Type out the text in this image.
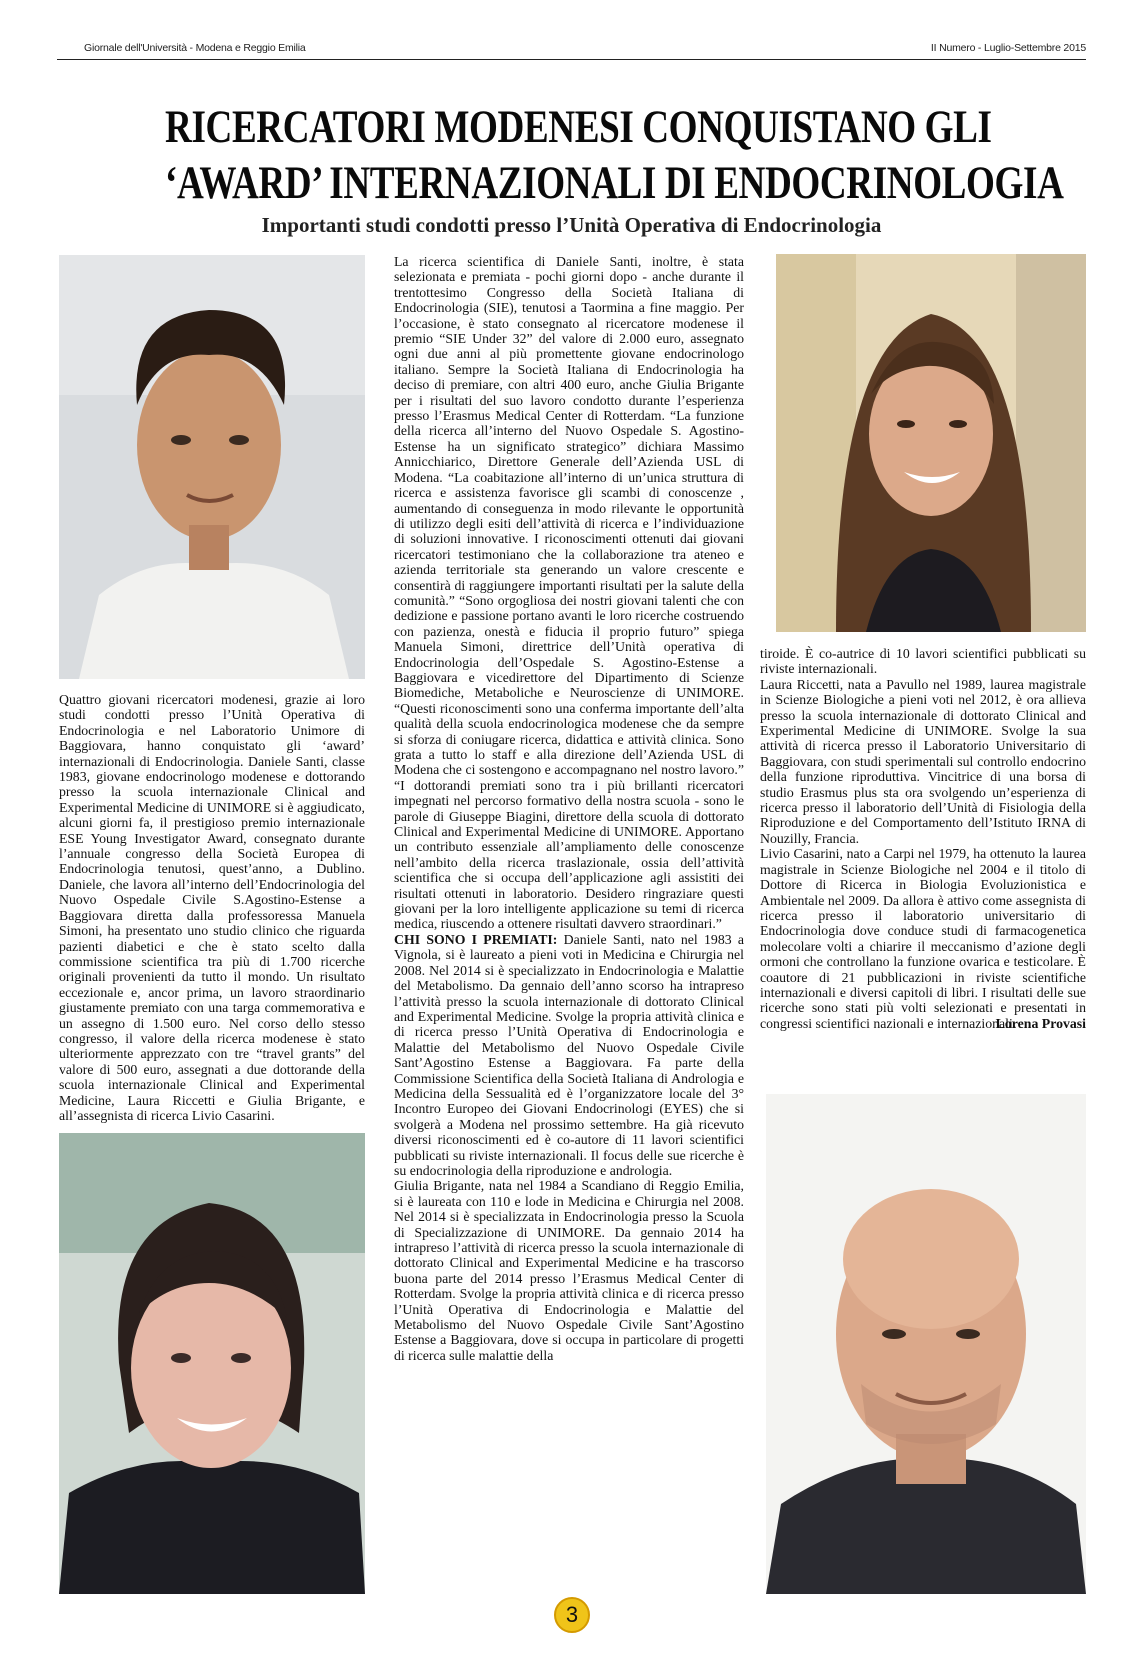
Giornale dell'Università - Modena e Reggio Emilia	II Numero - Luglio-Settembre 2015
RICERCATORI MODENESI CONQUISTANO GLI
‘AWARD’ INTERNAZIONALI DI ENDOCRINOLOGIA
Importanti studi condotti presso l’Unità Operativa di Endocrinologia

Quattro giovani ricercatori modenesi, grazie ai loro studi condotti presso l’Unità Operativa di Endocrinologia e nel Laboratorio Unimore di Baggiovara, hanno conquistato gli ‘award’ internazionali di Endocrinologia. Daniele Santi, classe 1983, giovane endocrinologo modenese e dottorando presso la scuola internazionale Clinical and Experimental Medicine di UNIMORE si è aggiudicato, alcuni giorni fa, il prestigioso premio internazionale ESE Young Investigator Award, consegnato durante l’annuale congresso della Società Europea di Endocrinologia tenutosi, quest’anno, a Dublino. Daniele, che lavora all’interno dell’Endocrinologia del Nuovo Ospedale Civile S.Agostino-Estense a Baggiovara diretta dalla professoressa Manuela Simoni, ha presentato uno studio clinico che riguarda pazienti diabetici e che è stato scelto dalla commissione scientifica tra più di 1.700 ricerche originali provenienti da tutto il mondo. Un risultato eccezionale e, ancor prima, un lavoro straordinario giustamente premiato con una targa commemorativa e un assegno di 1.500 euro. Nel corso dello stesso congresso, il valore della ricerca modenese è stato ulteriormente apprezzato con tre “travel grants” del valore di 500 euro, assegnati a due dottorande della scuola internazionale Clinical and Experimental Medicine, Laura Riccetti e Giulia Brigante, e all’assegnista di ricerca Livio Casarini.

La ricerca scientifica di Daniele Santi, inoltre, è stata selezionata e premiata - pochi giorni dopo - anche durante il trentottesimo Congresso della Società Italiana di Endocrinologia (SIE), tenutosi a Taormina a fine maggio. Per l’occasione, è stato consegnato al ricercatore modenese il premio “SIE Under 32” del valore di 2.000 euro, assegnato ogni due anni al più promettente giovane endocrinologo italiano. Sempre la Società Italiana di Endocrinologia ha deciso di premiare, con altri 400 euro, anche Giulia Brigante per i risultati del suo lavoro condotto durante l’esperienza presso l’Erasmus Medical Center di Rotterdam. “La funzione della ricerca all’interno del Nuovo Ospedale S. Agostino-Estense ha un significato strategico” dichiara Massimo Annicchiarico, Direttore Generale dell’Azienda USL di Modena. “La coabitazione all’interno di un’unica struttura di ricerca e assistenza favorisce gli scambi di conoscenze , aumentando di conseguenza in modo rilevante le opportunità di utilizzo degli esiti dell’attività di ricerca e l’individuazione di soluzioni innovative. I riconoscimenti ottenuti dai giovani ricercatori testimoniano che la collaborazione tra ateneo e azienda territoriale sta generando un valore crescente e consentirà di raggiungere importanti risultati per la salute della comunità.” “Sono orgogliosa dei nostri giovani talenti che con dedizione e passione portano avanti le loro ricerche costruendo con pazienza, onestà e fiducia il proprio futuro” spiega Manuela Simoni, direttrice dell’Unità operativa di Endocrinologia dell’Ospedale S. Agostino-Estense a Baggiovara e vicedirettore del Dipartimento di Scienze Biomediche, Metaboliche e Neuroscienze di UNIMORE. “Questi riconoscimenti sono una conferma importante dell’alta qualità della scuola endocrinologica modenese che da sempre si sforza di coniugare ricerca, didattica e attività clinica. Sono grata a tutto lo staff e alla direzione dell’Azienda USL di Modena che ci sostengono e accompagnano nel nostro lavoro.” “I dottorandi premiati sono tra i più brillanti ricercatori impegnati nel percorso formativo della nostra scuola - sono le parole di Giuseppe Biagini, direttore della scuola di dottorato Clinical and Experimental Medicine di UNIMORE. Apportano un contributo essenziale all’ampliamento delle conoscenze nell’ambito della ricerca traslazionale, ossia dell’attività scientifica che si occupa dell’applicazione agli assistiti dei risultati ottenuti in laboratorio. Desidero ringraziare questi giovani per la loro intelligente applicazione su temi di ricerca medica, riuscendo a ottenere risultati davvero straordinari.”

CHI SONO I PREMIATI: Daniele Santi, nato nel 1983 a Vignola, si è laureato a pieni voti in Medicina e Chirurgia nel 2008. Nel 2014 si è specializzato in Endocrinologia e Malattie del Metabolismo. Da gennaio dell’anno scorso ha intrapreso l’attività presso la scuola internazionale di dottorato Clinical and Experimental Medicine. Svolge la propria attività clinica e di ricerca presso l’Unità Operativa di Endocrinologia e Malattie del Metabolismo del Nuovo Ospedale Civile Sant’Agostino Estense a Baggiovara. Fa parte della Commissione Scientifica della Società Italiana di Andrologia e Medicina della Sessualità ed è l’organizzatore locale del 3° Incontro Europeo dei Giovani Endocrinologi (EYES) che si svolgerà a Modena nel prossimo settembre. Ha già ricevuto diversi riconoscimenti ed è co-autore di 11 lavori scientifici pubblicati su riviste internazionali. Il focus delle sue ricerche è su endocrinologia della riproduzione e andrologia.

Giulia Brigante, nata nel 1984 a Scandiano di Reggio Emilia, si è laureata con 110 e lode in Medicina e Chirurgia nel 2008. Nel 2014 si è specializzata in Endocrinologia presso la Scuola di Specializzazione di UNIMORE. Da gennaio 2014 ha intrapreso l’attività di ricerca presso la scuola internazionale di dottorato Clinical and Experimental Medicine e ha trascorso buona parte del 2014 presso l’Erasmus Medical Center di Rotterdam. Svolge la propria attività clinica e di ricerca presso l’Unità Operativa di Endocrinologia e Malattie del Metabolismo del Nuovo Ospedale Civile Sant’Agostino Estense a Baggiovara, dove si occupa in particolare di progetti di ricerca sulle malattie della

tiroide. È co-autrice di 10 lavori scientifici pubblicati su riviste internazionali.

Laura Riccetti, nata a Pavullo nel 1989, laurea magistrale in Scienze Biologiche a pieni voti nel 2012, è ora allieva presso la scuola internazionale di dottorato Clinical and Experimental Medicine di UNIMORE. Svolge la sua attività di ricerca presso il Laboratorio Universitario di Baggiovara, con studi sperimentali sul controllo endocrino della funzione riproduttiva. Vincitrice di una borsa di studio Erasmus plus sta ora svolgendo un’esperienza di ricerca presso il laboratorio dell’Unità di Fisiologia della Riproduzione e del Comportamento dell’Istituto IRNA di Nouzilly, Francia.

Livio Casarini, nato a Carpi nel 1979, ha ottenuto la laurea magistrale in Scienze Biologiche nel 2004 e il titolo di Dottore di Ricerca in Biologia Evoluzionistica e Ambientale nel 2009. Da allora è attivo come assegnista di ricerca presso il laboratorio universitario di Endocrinologia dove conduce studi di farmacogenetica molecolare volti a chiarire il meccanismo d’azione degli ormoni che controllano la funzione ovarica e testicolare. È coautore di 21 pubblicazioni in riviste scientifiche internazionali e diversi capitoli di libri. I risultati delle sue ricerche sono stati più volti selezionati e presentati in congressi scientifici nazionali e internazionali.

Lorena Provasi

3
